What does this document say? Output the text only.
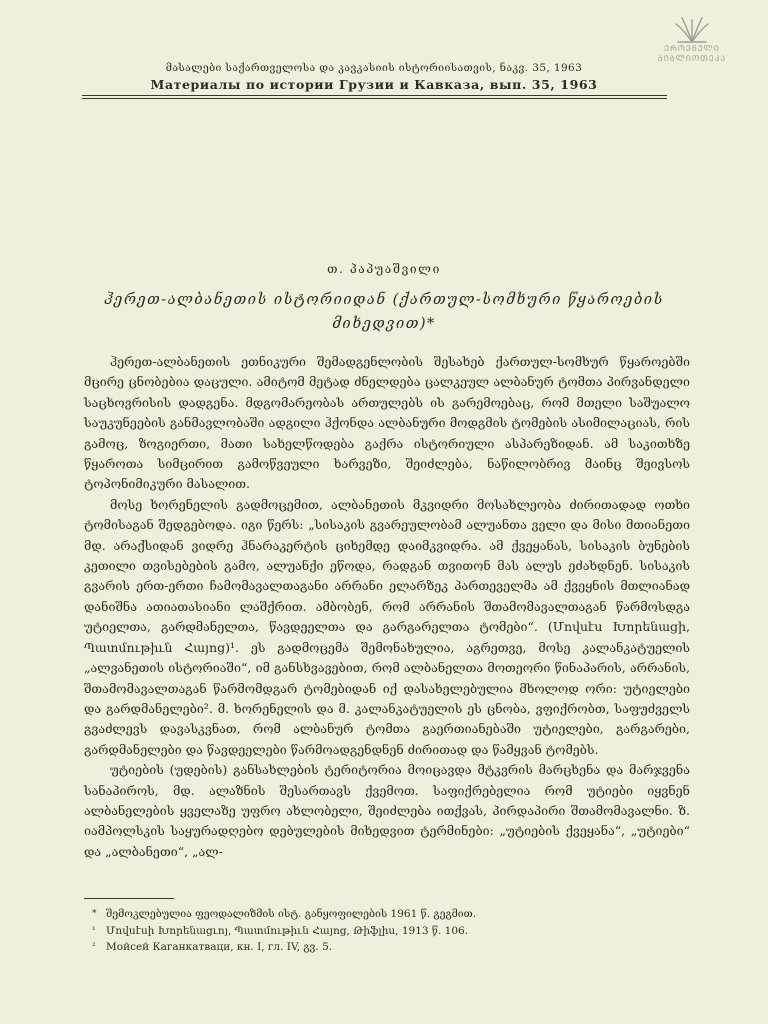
ᲔᲠᲝᲕᲜᲣᲚᲘ
ᲑᲘᲑᲚᲘᲝᲗᲔᲙᲐ
მასალები საქართველოსა და კავკასიის ისტორიისათვის, ნაკვ. 35, 1963
Материалы по истории Грузии и Кавказа, вып. 35, 1963
თ. პაპუაშვილი
ჰერეთ-ალბანეთის ისტორიიდან (ქართულ-სომხური წყაროების მიხედვით)*

ჰერეთ-ალბანეთის ეთნიკური შემადგენლობის შესახებ ქართულ-სომხურ წყაროებში მცირე ცნობებია დაცული. ამიტომ მეტად ძნელდება ცალკეულ ალბანურ ტომთა პირვანდელი საცხოვრისის დადგენა. მდგომარეობას ართულებს ის გარემოებაც, რომ მთელი საშუალო საუკუნეების განმავლობაში ადგილი ჰქონდა ალბანური მოდგმის ტომების ასიმილაციას, რის გამოც, ზოგიერთი, მათი სახელწოდება გაქრა ისტორიული ასპარეზიდან. ამ საკითხზე წყაროთა სიმცირით გამოწვეული ხარვეზი, შეიძლება, ნაწილობრივ მაინც შეივსოს ტოპონიმიკური მასალით.

მოსე ხორენელის გადმოცემით, ალბანეთის მკვიდრი მოსახლეობა ძირითადად ოთხი ტომისაგან შედგებოდა. იგი წერს: „სისაკის გვარეულობამ ალუანთა ველი და მისი მთიანეთი მდ. არაქსიდან ვიდრე ჰნარაკერტის ციხემდე დაიმკვიდრა. ამ ქვეყანას, სისაკის ბუნების კეთილი თვისებების გამო, ალუანქი ეწოდა, რადგან თვითონ მას ალუს ეძახდნენ. სისაკის გვარის ერთ-ერთი ჩამომავალთაგანი არრანი ელარზეკ პართეველმა ამ ქვეყნის მთლიანად დანიშნა ათიათასიანი ლაშქრით. ამბობენ, რომ არრანის შთამომავალთაგან წარმოსდგა უტიელთა, გარდმანელთა, წავდეელთა და გარგარელთა ტომები“. (Մովսէս Խորենացի, Պատմութիւն Հայոց)¹. ეს გადმოცემა შემონახულია, აგრეთვე, მოსე კალანკატუელის „ალვანეთის ისტორიაში“, იმ განსხვავებით, რომ ალბანელთა მოთეორი წინაპარის, არრანის, შთამომავალთაგან წარმომდგარ ტომებიდან იქ დასახელებულია მხოლოდ ორი: უტიელები და გარდმანელები². მ. ხორენელის და მ. კალანკატუელის ეს ცნობა, ვფიქრობთ, საფუძველს გვაძლევს დავასკვნათ, რომ ალბანურ ტომთა გაერთიანებაში უტიელები, გარგარები, გარდმანელები და წავდეელები წარმოადგენდნენ ძირითად და წამყვან ტომებს.

უტიების (უდების) განსახლების ტერიტორია მოიცავდა მტკვრის მარცხენა და მარჯვენა სანაპიროს, მდ. ალაზნის შესართავს ქვემოთ. საფიქრებელია რომ უტიები იყვნენ ალბანელების ყველაზე უფრო ახლობელი, შეიძლება ითქვას, პირდაპირი შთამომავალნი. ზ. იამპოლსკის საყურადღებო დებულების მიხედვით ტერმინები: „უტიების ქვეყანა“, „უტიები“ და „ალბანეთი“, „ალ-

* შემოკლებულია ფეოდალიზმის ისტ. განყოფილების 1961 წ. გეგმით.
¹ Մովսէսի Խորենացւոյ, Պատմութիւն Հայոց, Թիֆլիս, 1913 წ. 106.
² Мойсей Каганкатваци, кн. I, гл. IV, გვ. 5.
